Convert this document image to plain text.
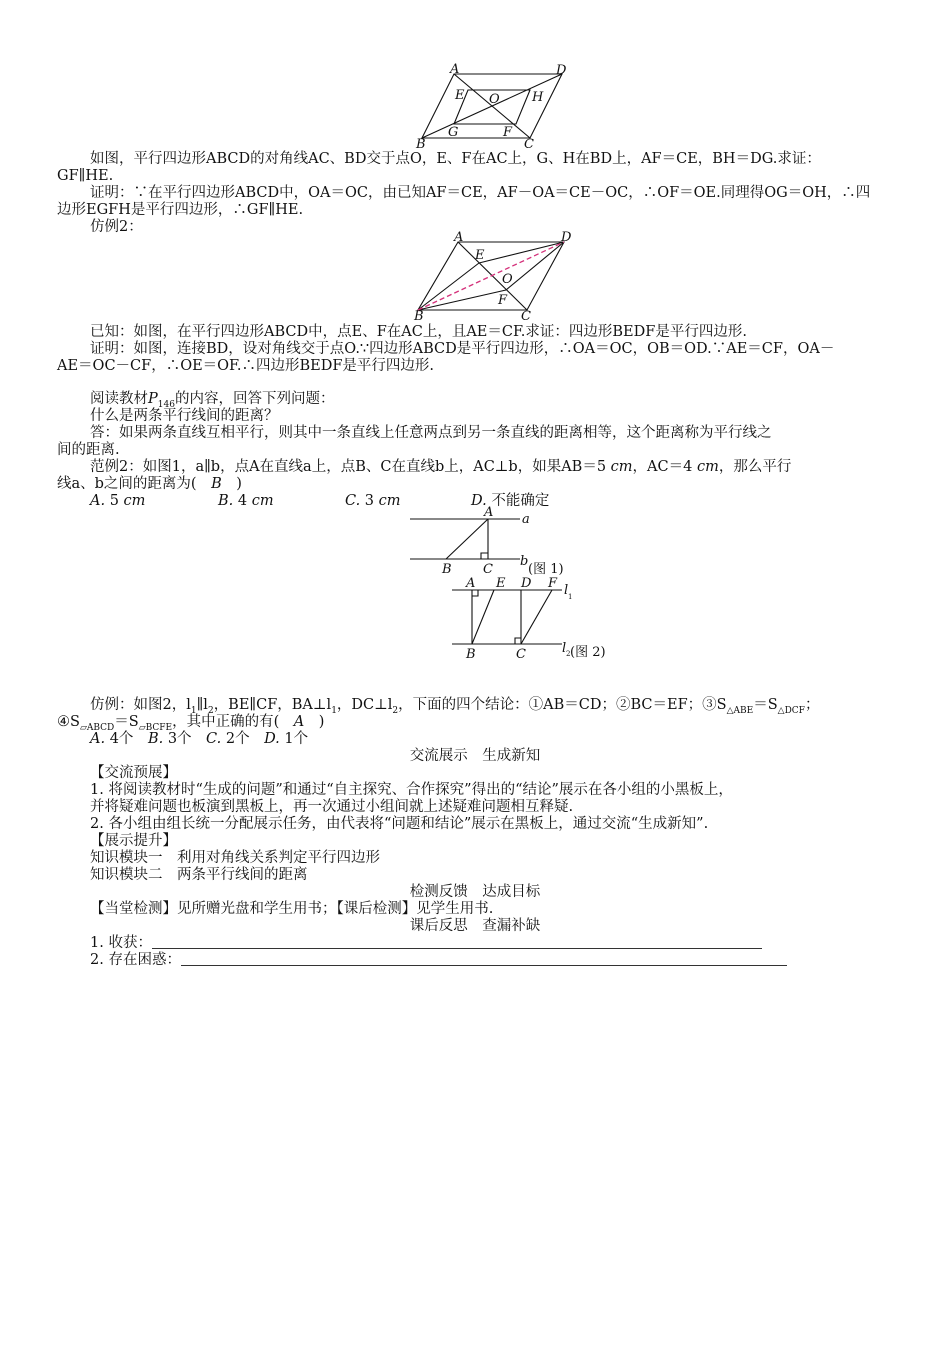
A	D
E O H
G	F
B	C
如图，平行四边形ABCD的对角线AC、BD交于点O，E、F在AC上，G、H在BD上，AF＝CE，BH＝DG.求证：
GF∥HE.
证明：∵在平行四边形ABCD中，OA＝OC，由已知AF＝CE，AF－OA＝CE－OC，∴OF＝OE.同理得OG＝OH，∴四
边形EGFH是平行四边形，∴GF∥HE.
仿例2：
A	D
E
O
F
B	C
已知：如图，在平行四边形ABCD中，点E、F在AC上，且AE＝CF.求证：四边形BEDF是平行四边形.
证明：如图，连接BD，设对角线交于点O.∵四边形ABCD是平行四边形，∴OA＝OC，OB＝OD.∵AE＝CF，OA－
AE＝OC－CF，∴OE＝OF.∴四边形BEDF是平行四边形.
阅读教材$P_{146}$的内容，回答下列问题：
什么是两条平行线间的距离？
答：如果两条直线互相平行，则其中一条直线上任意两点到另一条直线的距离相等，这个距离称为平行线之
间的距离.
范例2：如图1，a∥b，点A在直线a上，点B、C在直线b上，AC⊥b，如果AB＝5 cm，AC＝4 cm，那么平行
线a、b之间的距离为(　B　)
A. 5 cm	B. 4 cm	C. 3 cm	D. 不能确定
A a
B C
b
(图 1)
A E D F l 1
B	C	l 2 (图 2)
仿例：如图2，$l_1\parallel l_2$，BE∥CF，$BA\perp l_1$，$DC\perp l_2$，下面的四个结论：①AB＝CD；②BC＝EF；$③S_{\triangle ABE}=S_{\triangle DCF}$；
$④S_{▱ABCD}=S_{▱BCFE}$，其中正确的有(　A　)
A. 4个　 B. 3个　 C. 2个　 D. 1个
交流展示　生成新知
【交流预展】
1. 将阅读教材时“生成的问题”和通过“自主探究、合作探究”得出的“结论”展示在各小组的小黑板上，
并将疑难问题也板演到黑板上，再一次通过小组间就上述疑难问题相互释疑.
2. 各小组由组长统一分配展示任务，由代表将“问题和结论”展示在黑板上，通过交流“生成新知”.
【展示提升】
知识模块一　利用对角线关系判定平行四边形
知识模块二　两条平行线间的距离
检测反馈　达成目标
【当堂检测】见所赠光盘和学生用书；【课后检测】见学生用书.
课后反思　查漏补缺
1. 收获：
2. 存在困惑：
